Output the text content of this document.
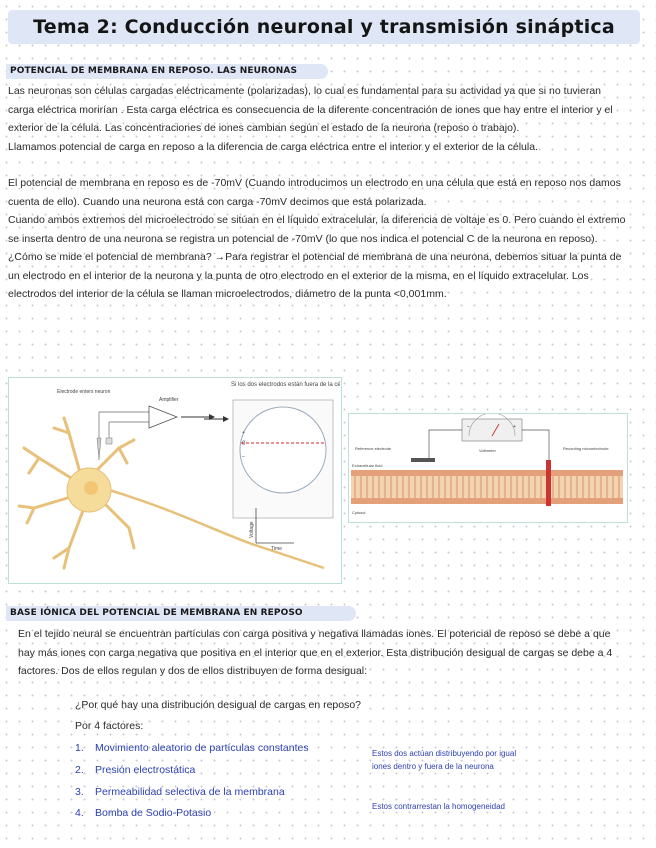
Tema 2: Conducción neuronal y transmisión sináptica
POTENCIAL DE MEMBRANA EN REPOSO. LAS NEURONAS

Las neuronas son células cargadas eléctricamente (polarizadas), lo cual es fundamental para su actividad ya que si no tuvieran carga eléctrica morirían . Esta carga eléctrica es consecuencia de la diferente concentración de iones que hay entre el interior y el exterior de la célula. Las concentraciones de iones cambian según el estado de la neurona (reposo o trabajo).

Llamamos potencial de carga en reposo a la diferencia de carga eléctrica entre el interior y el exterior de la célula.

El potencial de membrana en reposo es de -70mV (Cuando introducimos un electrodo en una célula que está en reposo nos damos cuenta de ello). Cuando una neurona está con carga -70mV decimos que está polarizada.

Cuando ambos extremos del microelectrodo se sitúan en el líquido extracelular, la diferencia de voltaje es 0. Pero cuando el extremo se inserta dentro de una neurona se registra un potencial de -70mV (lo que nos indica el potencial C de la neurona en reposo).

¿Cómo se mide el potencial de membrana? →Para registrar el potencial de membrana de una neurona, debemos situar la punta de un electrodo en el interior de la neurona y la punta de otro electrodo en el exterior de la misma, en el líquido extracelular. Los electrodos del interior de la célula se llaman microelectrodos, diámetro de la punta <0,001mm.

Electrode enters neuron
Amplifier
+
0
–
Si los dos electrodos están fuera de la célula
Voltage
Time
–	+
Voltmeter
Reference electrode	Recording microelectrode
Extracellular fluid
Cytosol
BASE IÓNICA DEL POTENCIAL DE MEMBRANA EN REPOSO
En el tejido neural se encuentran partículas con carga positiva y negativa llamadas iones. El potencial de reposo se debe a que hay más iones con carga negativa que positiva en el interior que en el exterior. Esta distribución desigual de cargas se debe a 4 factores. Dos de ellos regulan y dos de ellos distribuyen de forma desigual:
¿Por qué hay una distribución desigual de cargas en reposo?
Por 4 factores:
1. Movimiento aleatorio de partículas constantes
2. Presión electrostática
3. Permeabilidad selectiva de la membrana
4. Bomba de Sodio-Potasio
Estos dos actúan distribuyendo por igual
iones dentro y fuera de la neurona
Estos contrarrestan la homogeneidad
